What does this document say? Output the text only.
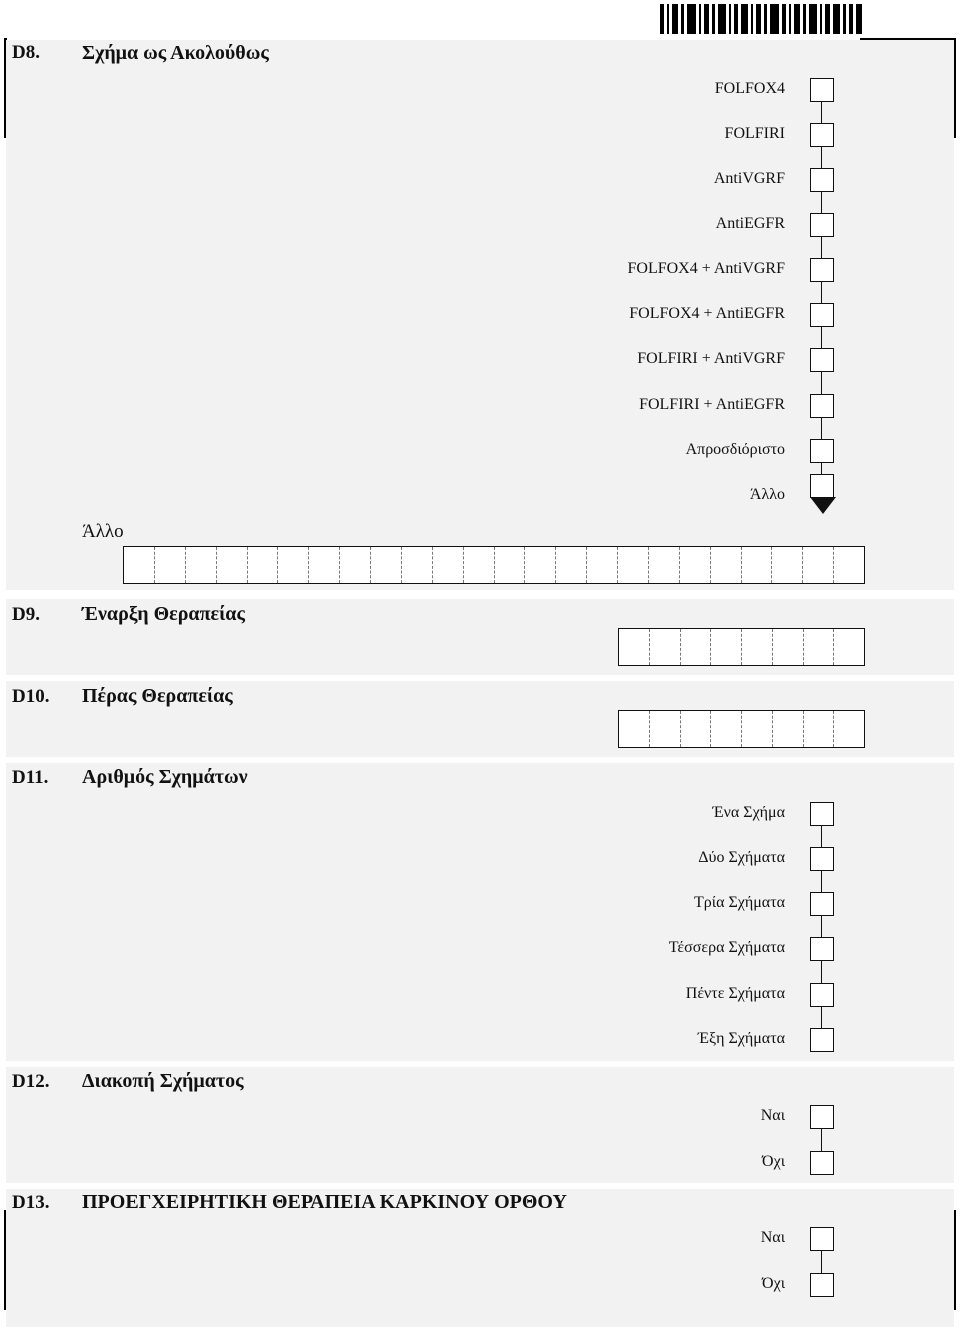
D8. Σχήμα ως Ακολούθως
FOLFOX4
FOLFIRI
AntiVGRF
AntiEGFR
FOLFOX4 + AntiVGRF
FOLFOX4 + AntiEGFR
FOLFIRI + AntiVGRF
FOLFIRI + AntiEGFR
Απροσδιόριστο
Άλλο
Άλλο
D9. Έναρξη Θεραπείας
D10. Πέρας Θεραπείας
D11. Αριθμός Σχημάτων
Ένα Σχήμα
Δύο Σχήματα
Τρία Σχήματα
Τέσσερα Σχήματα
Πέντε Σχήματα
Έξη Σχήματα
D12. Διακοπή Σχήματος
Ναι
Όχι
D13. ΠΡΟΕΓΧΕΙΡΗΤΙΚΗ ΘΕΡΑΠΕΙΑ ΚΑΡΚΙΝΟΥ ΟΡΘΟΥ
Ναι
Όχι
